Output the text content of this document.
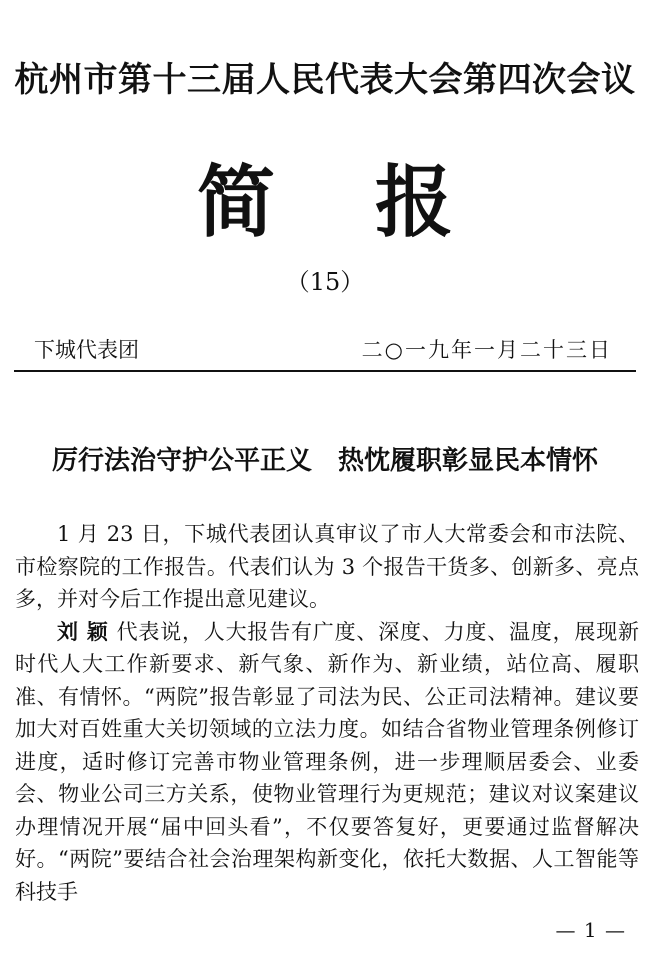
杭州市第十三届人民代表大会第四次会议
简 报
（15）
下城代表团	二○一九年一月二十三日
厉行法治守护公平正义 热忱履职彰显民本情怀

1 月 23 日，下城代表团认真审议了市人大常委会和市法院、市检察院的工作报告。代表们认为 3 个报告干货多、创新多、亮点多，并对今后工作提出意见建议。

刘颖代表说，人大报告有广度、深度、力度、温度，展现新时代人大工作新要求、新气象、新作为、新业绩，站位高、履职准、有情怀。“两院”报告彰显了司法为民、公正司法精神。建议要加大对百姓重大关切领域的立法力度。如结合省物业管理条例修订进度，适时修订完善市物业管理条例，进一步理顺居委会、业委会、物业公司三方关系，使物业管理行为更规范；建议对议案建议办理情况开展“届中回头看”，不仅要答复好，更要通过监督解决好。“两院”要结合社会治理架构新变化，依托大数据、人工智能等科技手

— 1 —
